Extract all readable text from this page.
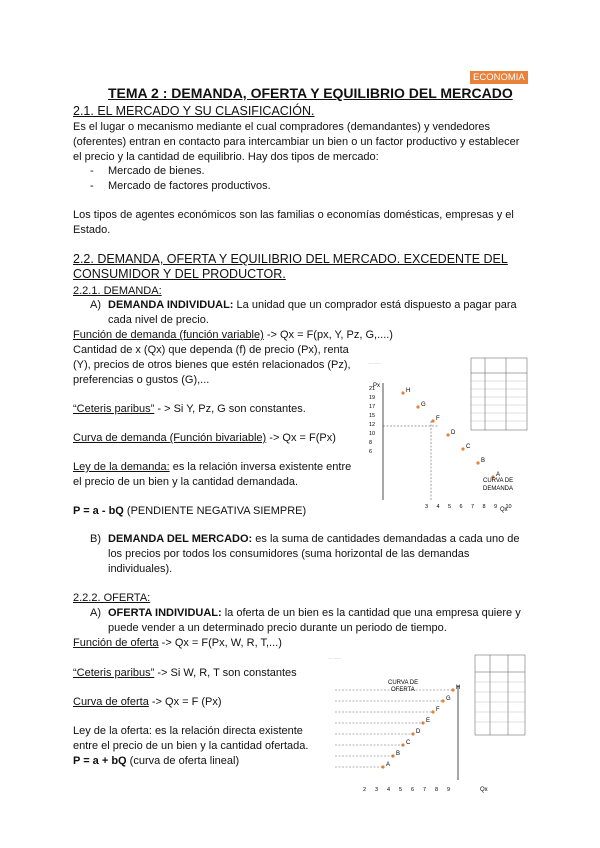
ECONOMIA
TEMA 2 : DEMANDA, OFERTA Y EQUILIBRIO DEL MERCADO
2.1. EL MERCADO Y SU CLASIFICACIÓN.
Es el lugar o mecanismo mediante el cual compradores (demandantes) y vendedores
(oferentes) entran en contacto para intercambiar un bien o un factor productivo y establecer
el precio y la cantidad de equilibrio. Hay dos tipos de mercado:
- Mercado de bienes.
- Mercado de factores productivos.
Los tipos de agentes económicos son las familias o economías domésticas, empresas y el
Estado.
2.2. DEMANDA, OFERTA Y EQUILIBRIO DEL MERCADO. EXCEDENTE DEL
CONSUMIDOR Y DEL PRODUCTOR.
2.2.1. DEMANDA:
A) DEMANDA INDIVIDUAL: La unidad que un comprador está dispuesto a pagar para
cada nivel de precio.
Función de demanda (función variable) -> Qx = F(px, Y, Pz, G,....)
Cantidad de x (Qx) que dependa (f) de precio (Px), renta
(Y), precios de otros bienes que estén relacionados (Pz),
preferencias o gustos (G),...
“Ceteris paribus” - > Si Y, Pz, G son constantes.
Curva de demanda (Función bivariable) -> Qx = F(Px)
Ley de la demanda: es la relación inversa existente entre
el precio de un bien y la cantidad demandada.
P = a - bQ (PENDIENTE NEGATIVA SIEMPRE)
~~ ~~~
Px
21
19
17
15
12
10
8
6
3 4 5 6 7 8 9 10
H
G
F
D
C
B
A
Qx
CURVA DE
DEMANDA
B) DEMANDA DEL MERCADO: es la suma de cantidades demandadas a cada uno de
los precios por todos los consumidores (suma horizontal de las demandas
individuales).
2.2.2. OFERTA:
A) OFERTA INDIVIDUAL: la oferta de un bien es la cantidad que una empresa quiere y
puede vender a un determinado precio durante un periodo de tiempo.
Función de oferta -> Qx = F(Px, W, R, T,...)
“Ceteris paribus” -> Si W, R, T son constantes
Curva de oferta -> Qx = F (Px)
Ley de la oferta: es la relación directa existente
entre el precio de un bien y la cantidad ofertada.
P = a + bQ (curva de oferta lineal)
~~ ~~~
CURVA DE
OFERTA	H
G
F
E
D
C
B
A
2 3 4 5 6 7 8 9	Qx
